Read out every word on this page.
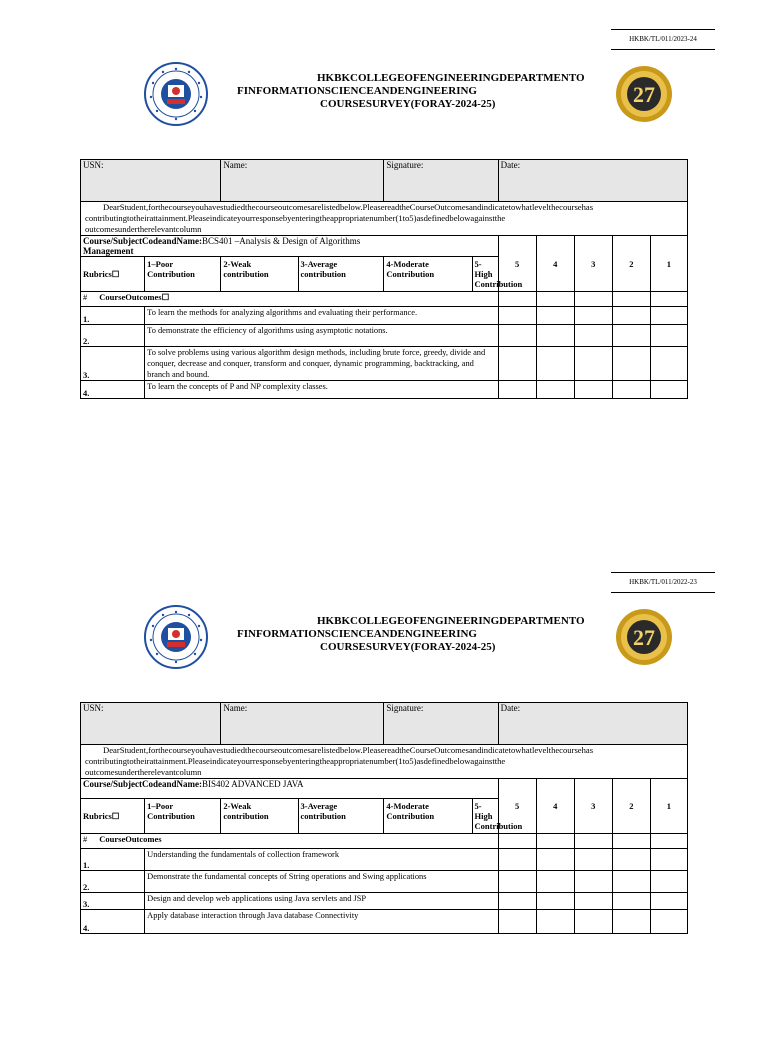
HKBK/TL/011/2023-24
27
HKBKCOLLEGEOFENGINEERINGDEPARTMENTO
FINFORMATIONSCIENCEANDENGINEERING
COURSESURVEY(FORAY-2024-25)
USN:		Name:		Signature:		Date:				

DearStudent,forthecourseyouhavestudiedthecourseoutcomesarelistedbelow.PleasereadtheCourseOutcomesandindicatetowhatlevelthecoursehas
contributingtotheirattainment.Pleaseindicateyourresponsebyenteringtheappropriatenumber(1to5)asdefinedbelowagainstthe
outcomesundertherelevantcolumn										

Course/SubjectCodeandName:BCS401 –Analysis & Design of Algorithms
Management						5	4	3	2	1
Rubrics☐	1–Poor Contribution	2-Weak contribution	3-Average contribution	4-Moderate Contribution	5-High Contribution					
# CourseOutcomes☐										
1.	To learn the methods for analyzing algorithms and evaluating their performance.									
2.	To demonstrate the efficiency of algorithms using asymptotic notations.									
3.	To solve problems using various algorithm design methods, including brute force, greedy, divide and conquer, decrease and conquer, transform and conquer, dynamic programming, backtracking, and branch and bound.									
4.	To learn the concepts of P and NP complexity classes.									
HKBK/TL/011/2022-23
27
HKBKCOLLEGEOFENGINEERINGDEPARTMENTO
FINFORMATIONSCIENCEANDENGINEERING
COURSESURVEY(FORAY-2024-25)
USN:		Name:		Signature:		Date:				

DearStudent,forthecourseyouhavestudiedthecourseoutcomesarelistedbelow.PleasereadtheCourseOutcomesandindicatetowhatlevelthecoursehas
contributingtotheirattainment.Pleaseindicateyourresponsebyenteringtheappropriatenumber(1to5)asdefinedbelowagainstthe
outcomesundertherelevantcolumn										

Course/SubjectCodeandName:BIS402 ADVANCED JAVA						5	4	3	2	1
Rubrics☐	1–Poor Contribution	2-Weak contribution	3-Average contribution	4-Moderate Contribution	5-High Contribution					
# CourseOutcomes										
1.	Understanding the fundamentals of collection framework									
2.	Demonstrate the fundamental concepts of String operations and Swing applications									
3.	Design and develop web applications using Java servlets and JSP									
4.	Apply database interaction through Java database Connectivity									
